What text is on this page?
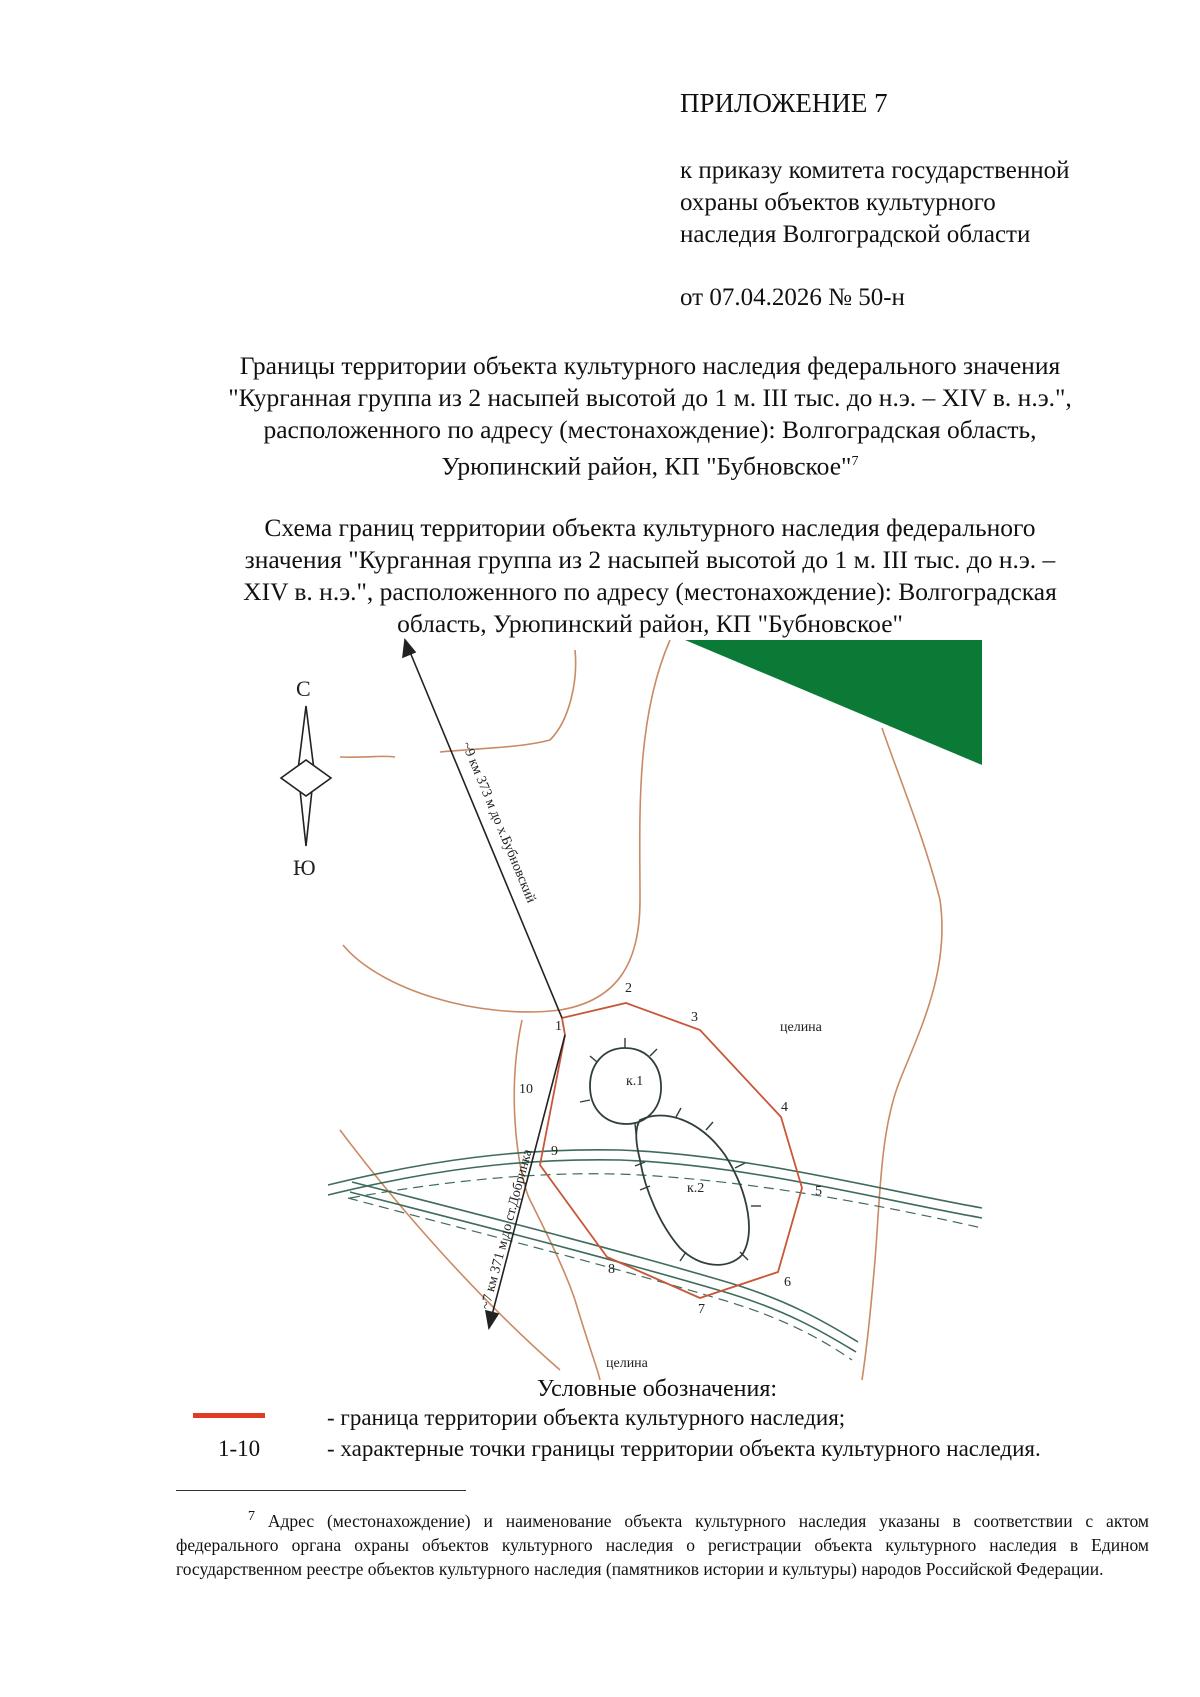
ПРИЛОЖЕНИЕ 7
к приказу комитета государственной
охраны объектов культурного
наследия Волгоградской области
от 07.04.2026 № 50-н
Границы территории объекта культурного наследия федерального значения
"Курганная группа из 2 насыпей высотой до 1 м. III тыс. до н.э. – XIV в. н.э.",
расположенного по адресу (местонахождение): Волгоградская область,
Урюпинский район, КП "Бубновское"$^7$
Схема границ территории объекта культурного наследия федерального
значения "Курганная группа из 2 насыпей высотой до 1 м. III тыс. до н.э. –
XIV в. н.э.", расположенного по адресу (местонахождение): Волгоградская
область, Урюпинский район, КП "Бубновское"
С
Ю	~9 км 373 м до х.Бубновский
~7 км 371 м до ст.Добринка
целина
целина
к.1
к.2
1
2
3
4
5
6
7
8
9
10
Условные обозначения:
- граница территории объекта культурного наследия;
1-10	- характерные точки границы территории объекта культурного наследия.

$^7$ Адрес (местонахождение) и наименование объекта культурного наследия указаны в соответствии с актом федерального органа охраны объектов культурного наследия о регистрации объекта культурного наследия в Едином государственном реестре объектов культурного наследия (памятников истории и культуры) народов Российской Федерации.
